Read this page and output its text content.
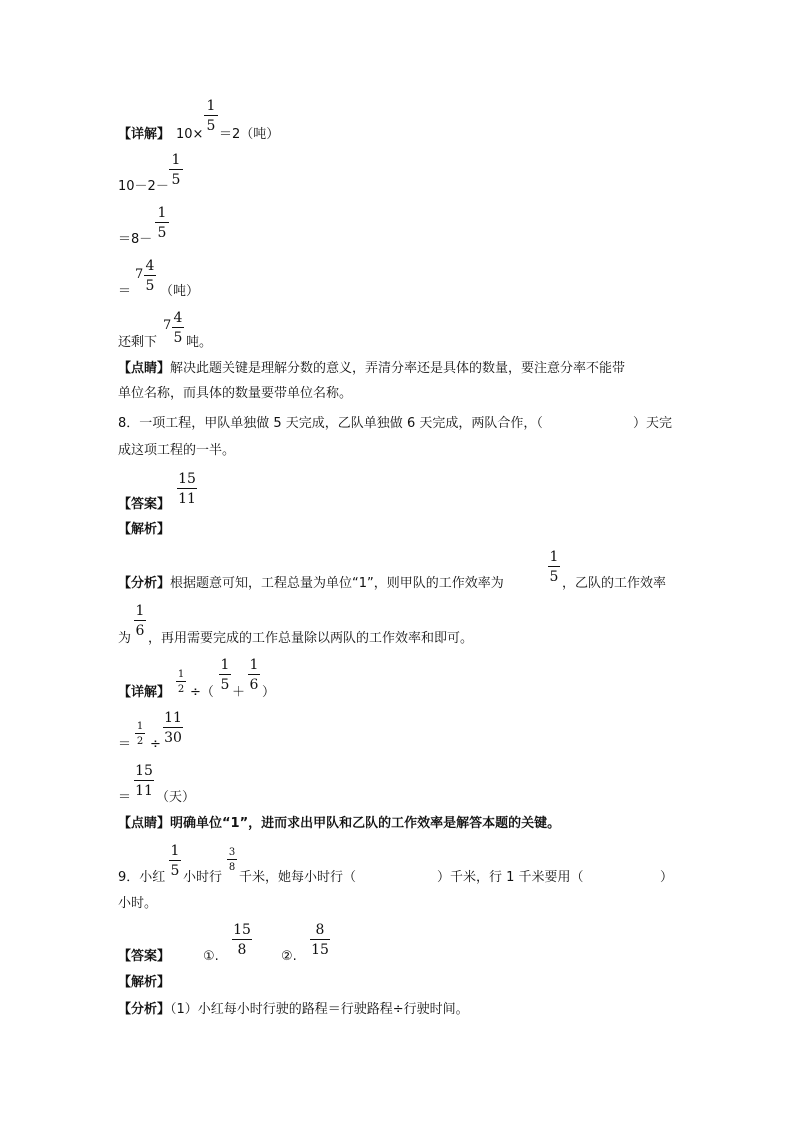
【详解】 10×
1
5
＝2（吨）
10－2－
1
5
＝8－
1
5
＝
7
4
5 （吨）
还剩下
7 4
5 吨。
【点睛】解决此题关键是理解分数的意义，弄清分率还是具体的数量，要注意分率不能带
单位名称，而具体的数量要带单位名称。
8．一项工程，甲队单独做 5 天完成，乙队单独做 6 天完成，两队合作，（	）天完
成这项工程的一半。
【答案】
15
11
【解析】
【分析】根据题意可知，工程总量为单位“1”，则甲队的工作效率为
1
5 ，乙队的工作效率
为
1
6 ，再用需要完成的工作总量除以两队的工作效率和即可。
【详解】
1
2 ÷（
1
5 ＋
1
6 ）
＝
1
2 ÷
11
30
＝
15
11 （天）
【点睛】明确单位“1”，进而求出甲队和乙队的工作效率是解答本题的关键。
9．小红
1
5 小时行
3
8
千米，她每小时行（	）千米，行 1 千米要用（	）
小时。
【答案】	①.
15
8	②.
8
15
【解析】
【分析】（1）小红每小时行驶的路程＝行驶路程÷行驶时间。
